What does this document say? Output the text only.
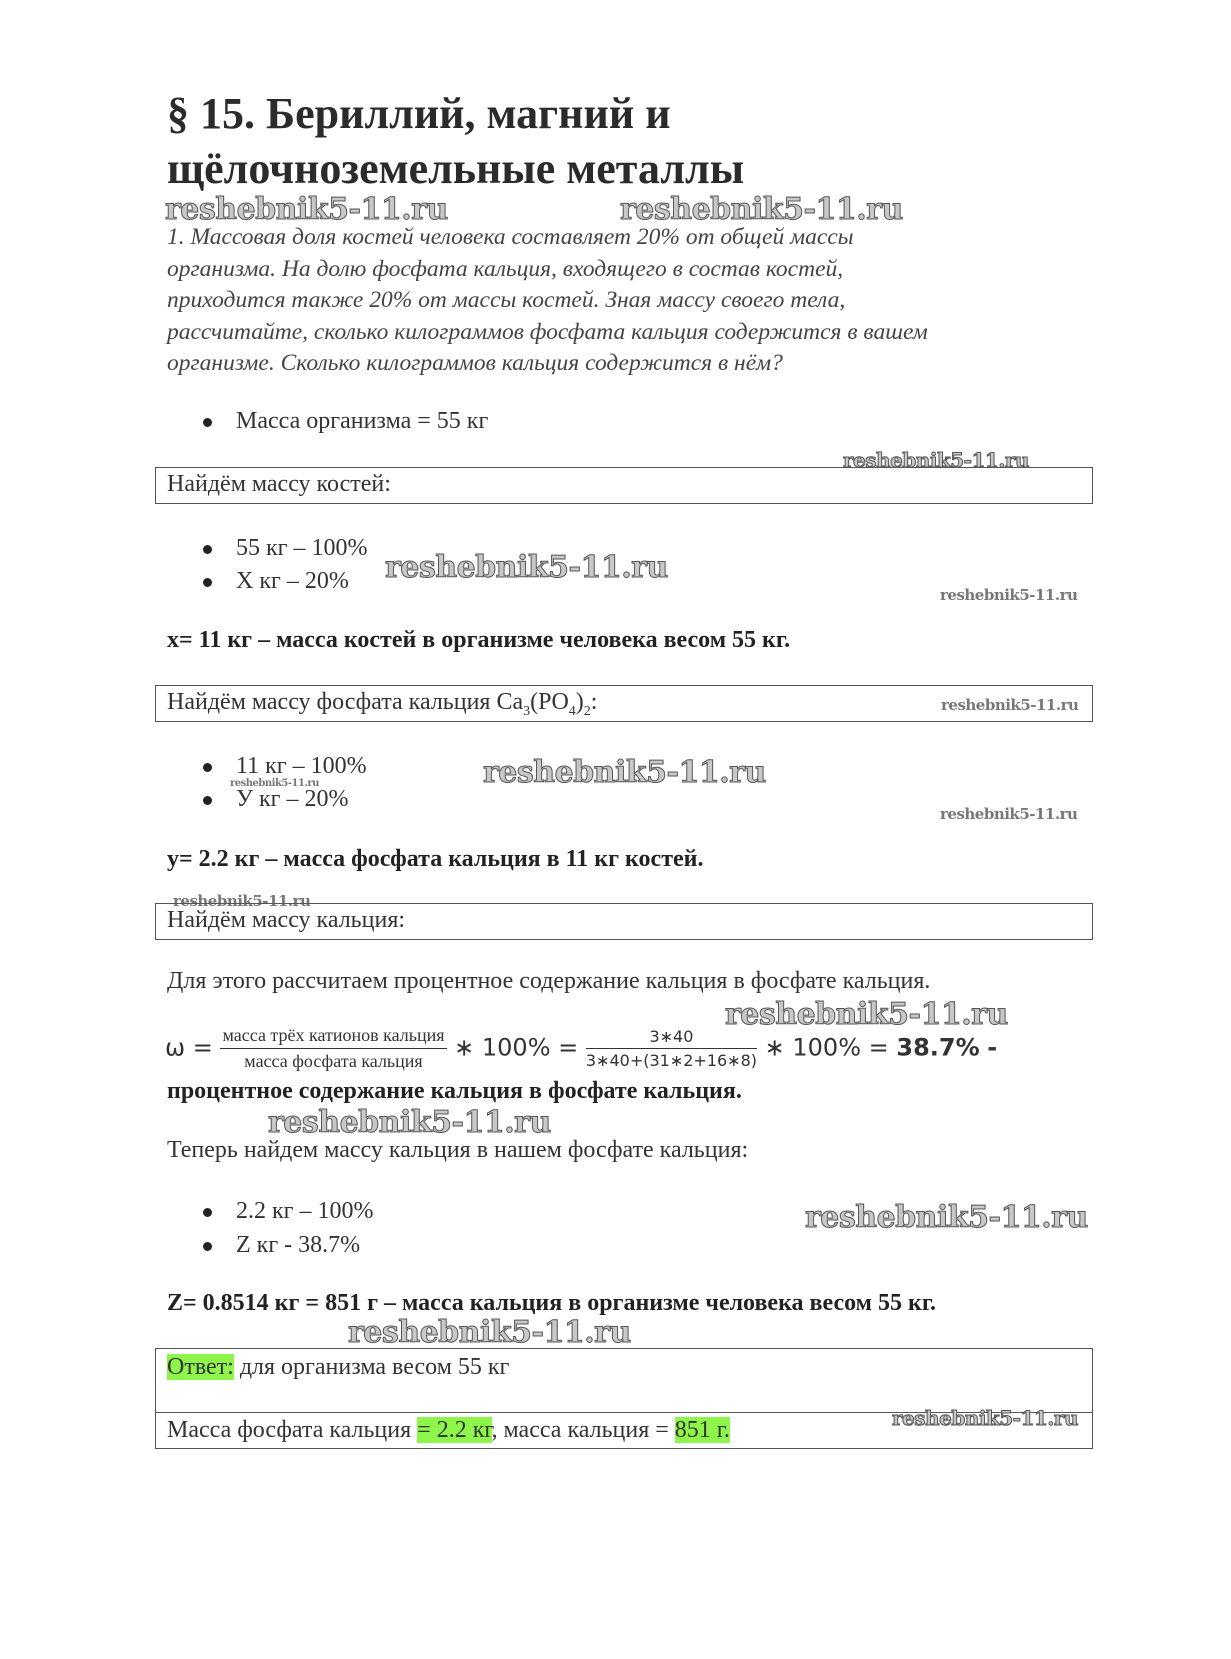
§ 15. Бериллий, магний и
щёлочноземельные металлы
reshebnik5-11.ru	reshebnik5-11.ru
1. Массовая доля костей человека составляет 20% от общей массы
организма. На долю фосфата кальция, входящего в состав костей,
приходится также 20% от массы костей. Зная массу своего тела,
рассчитайте, сколько килограммов фосфата кальция содержится в вашем
организме. Сколько килограммов кальция содержится в нём?
Масса организма = 55 кг
reshebnik5-11.ru
Найдём массу костей:
55 кг – 100%
Х кг – 20% reshebnik5-11.ru
reshebnik5-11.ru
x= 11 кг – масса костей в организме человека весом 55 кг.
Найдём массу фосфата кальция $Ca_3(PO_4)_2$:	reshebnik5-11.ru
11 кг – 100%
У кг – 20%
reshebnik5-11.ru	reshebnik5-11.ru
reshebnik5-11.ru
y= 2.2 кг – масса фосфата кальция в 11 кг костей.
reshebnik5-11.ru
Найдём массу кальция:
Для этого рассчитаем процентное содержание кальция в фосфате кальция.
reshebnik5-11.ru
$\omega = \frac{\text{масса трёх катионов кальция}}{\text{масса фосфата кальция}}$ ∗ $100\% = \frac{3∗40}{3∗40+(31∗2+16∗8)}$ ∗ 100% = 38.7% -
процентное содержание кальция в фосфате кальция.
reshebnik5-11.ru
Теперь найдем массу кальция в нашем фосфате кальция:
2.2 кг – 100%
Z кг - 38.7%
reshebnik5-11.ru
Z= 0.8514 кг = 851 г – масса кальция в организме человека весом 55 кг.
reshebnik5-11.ru
Ответ: для организма весом 55 кг
Масса фосфата кальция = 2.2 кг, масса кальция = 851 г.	reshebnik5-11.ru
